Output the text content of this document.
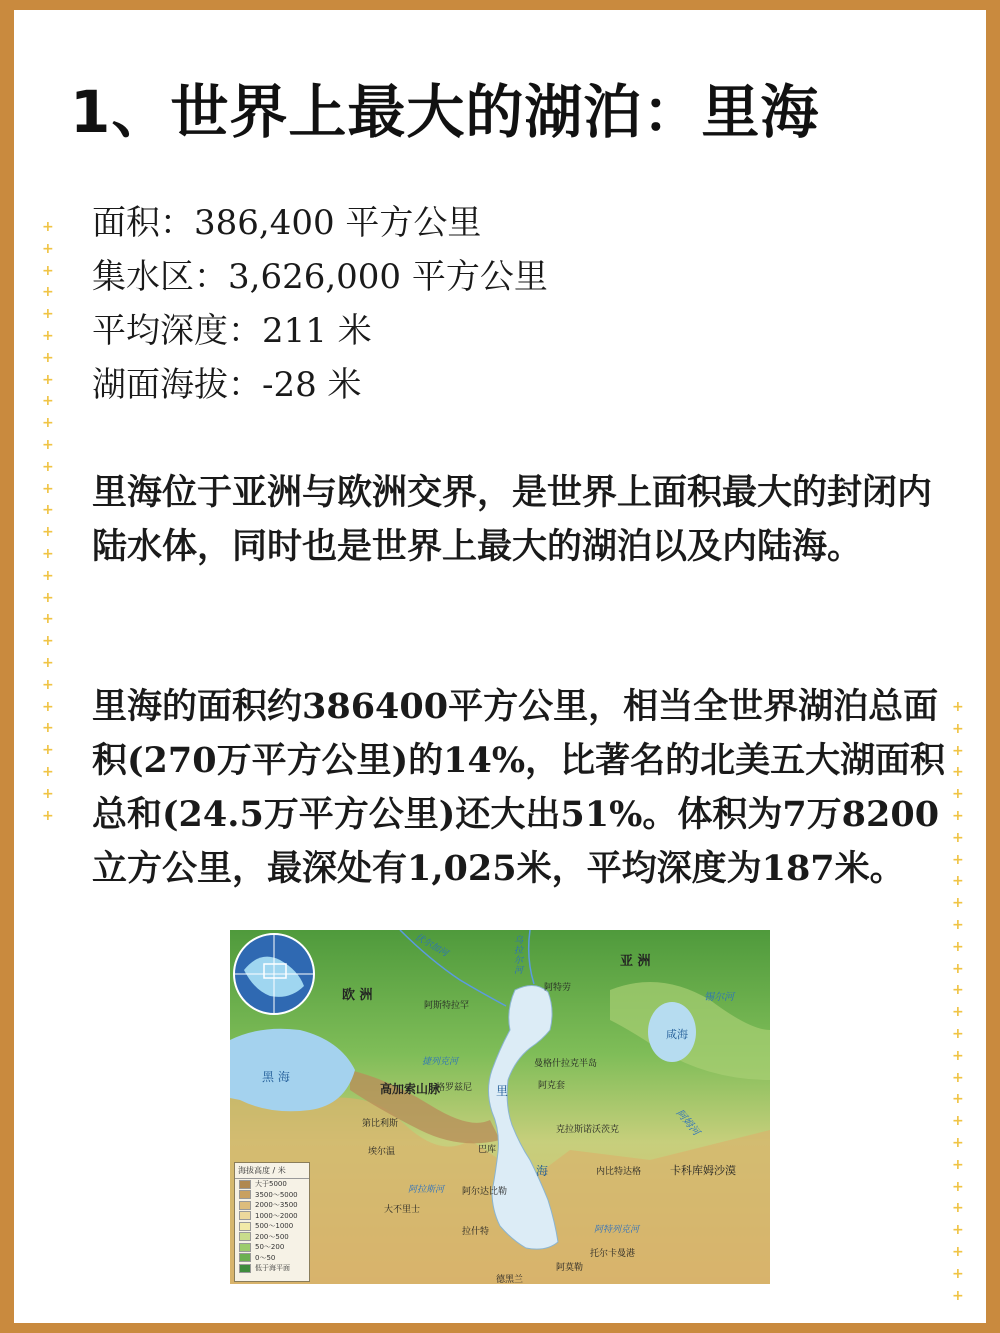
1、世界上最大的湖泊：里海
面积：386,400 平方公里
集水区：3,626,000 平方公里
平均深度：211 米
湖面海拔：-28 米

里海位于亚洲与欧洲交界，是世界上面积最大的封闭内陆水体，同时也是世界上最大的湖泊以及内陆海。

里海的面积约386400平方公里，相当全世界湖泊总面积(270万平方公里)的14%，比著名的北美五大湖面积总和(24.5万平方公里)还大出51%。体积为7万8200立方公里，最深处有1,025米，平均深度为187米。

+
+
+
+
+
+
+
+
+
+
+
+
+
+
+
+
+
+
+
+
+
+
+
+
+
+
+
+
+
+
+
+
+
+
+
+
+
+
+
+
+
+
+
+
+
+
+
+
+
+
+
+
+
+
+
+
欧 洲
亚 洲
黑 海
里
海
咸海
高加索山脉
卡科库姆沙漠
伏尔加河	乌拉尔河
捷列克河
阿拉斯河
阿特列克河
锡尔河
阿姆河
阿斯特拉罕
阿特劳
曼格什拉克半岛
阿克套
格罗兹尼
第比利斯
埃尔温	巴库
克拉斯诺沃茨克
内比特达格
阿尔达比勒
大不里士
拉什特
托尔卡曼港
阿莫勒
德黑兰
海拔高度 / 米
大于5000
3500～5000
2000～3500
1000～2000
500～1000
200～500
50～200
0～50
低于海平面
